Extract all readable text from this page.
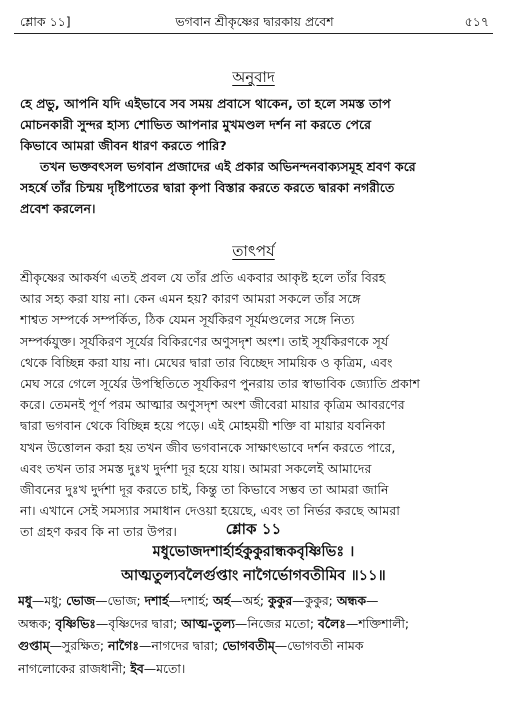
শ্লোক ১১]	ভগবান শ্রীকৃষ্ণের দ্বারকায় প্রবেশ	৫১৭
অনুবাদ
হে প্রভু, আপনি যদি এইভাবে সব সময় প্রবাসে থাকেন, তা হলে সমস্ত তাপ
মোচনকারী সুন্দর হাস্য শোভিত আপনার মুখমণ্ডল দর্শন না করতে পেরে
কিভাবে আমরা জীবন ধারণ করতে পারি?
তখন ভক্তবৎসল ভগবান প্রজাদের এই প্রকার অভিনন্দনবাক্যসমূহ শ্রবণ করে
সহর্ষে তাঁর চিন্ময় দৃষ্টিপাতের দ্বারা কৃপা বিস্তার করতে করতে দ্বারকা নগরীতে
প্রবেশ করলেন।
তাৎপর্য
শ্রীকৃষ্ণের আকর্ষণ এতই প্রবল যে তাঁর প্রতি একবার আকৃষ্ট হলে তাঁর বিরহ
আর সহ্য করা যায় না। কেন এমন হয়? কারণ আমরা সকলে তাঁর সঙ্গে
শাশ্বত সম্পর্কে সম্পর্কিত, ঠিক যেমন সূর্যকিরণ সূর্যমণ্ডলের সঙ্গে নিত্য
সম্পর্কযুক্ত। সূর্যকিরণ সূর্যের বিকিরণের অণুসদৃশ অংশ। তাই সূর্যকিরণকে সূর্য
থেকে বিচ্ছিন্ন করা যায় না। মেঘের দ্বারা তার বিচ্ছেদ সাময়িক ও কৃত্রিম, এবং
মেঘ সরে গেলে সূর্যের উপস্থিতিতে সূর্যকিরণ পুনরায় তার স্বাভাবিক জ্যোতি প্রকাশ
করে। তেমনই পূর্ণ পরম আত্মার অণুসদৃশ অংশ জীবেরা মায়ার কৃত্রিম আবরণের
দ্বারা ভগবান থেকে বিচ্ছিন্ন হয়ে পড়ে। এই মোহময়ী শক্তি বা মায়ার যবনিকা
যখন উত্তোলন করা হয় তখন জীব ভগবানকে সাক্ষাৎভাবে দর্শন করতে পারে,
এবং তখন তার সমস্ত দুঃখ দুর্দশা দূর হয়ে যায়। আমরা সকলেই আমাদের
জীবনের দুঃখ দুর্দশা দূর করতে চাই, কিন্তু তা কিভাবে সম্ভব তা আমরা জানি
না। এখানে সেই সমস্যার সমাধান দেওয়া হয়েছে, এবং তা নির্ভর করছে আমরা
তা গ্রহণ করব কি না তার উপর।	শ্লোক ১১
মধুভোজদশার্হার্হকুকুরান্ধকবৃষ্ণিভিঃ ।
আত্মতুল্যবলৈর্গুপ্তাং নাগৈর্ভোগবতীমিব ॥১১॥
মধু—মধু; ভোজ—ভোজ; দশার্হ—দশার্হ; অর্হ—অর্হ; কুকুর—কুকুর; অন্ধক—
অন্ধক; বৃষ্ণিভিঃ—বৃষ্ণিদের দ্বারা; আত্ম-তুল্য—নিজের মতো; বলৈঃ—শক্তিশালী;
গুপ্তাম্—সুরক্ষিত; নাগৈঃ—নাগদের দ্বারা; ভোগবতীম্—ভোগবতী নামক
নাগলোকের রাজধানী; ইব—মতো।
